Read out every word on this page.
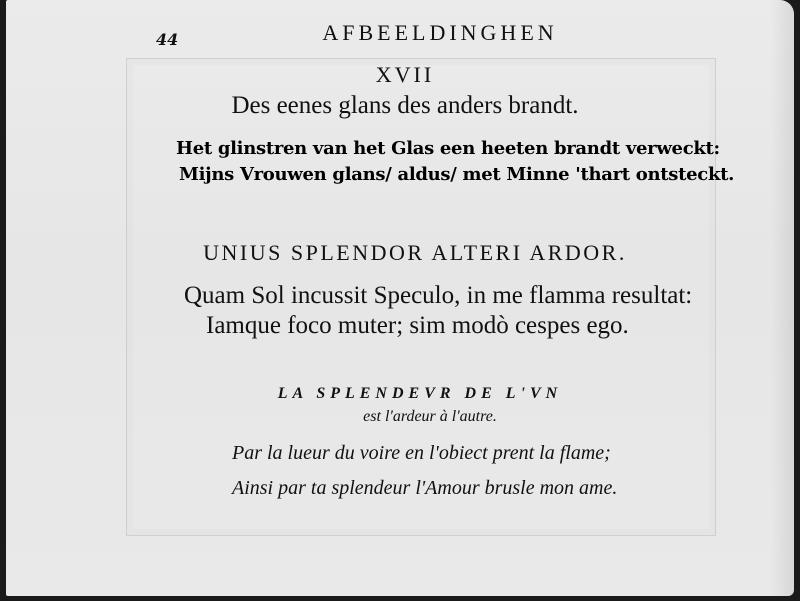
44	AFBEELDINGHEN
XVII
Des eenes glans des anders brandt.
Het glinstren van het Glas een heeten brandt verweckt:
Mijns Vrouwen glans/ aldus/ met Minne 'thart ontsteckt.
UNIUS SPLENDOR ALTERI ARDOR.
Quam Sol incussit Speculo, in me flamma resultat:
Iamque foco muter; sim modò cespes ego.
LA SPLENDEVR DE L'VN
est l'ardeur à l'autre.
Par la lueur du voire en l'obiect prent la flame;
Ainsi par ta splendeur l'Amour brusle mon ame.
